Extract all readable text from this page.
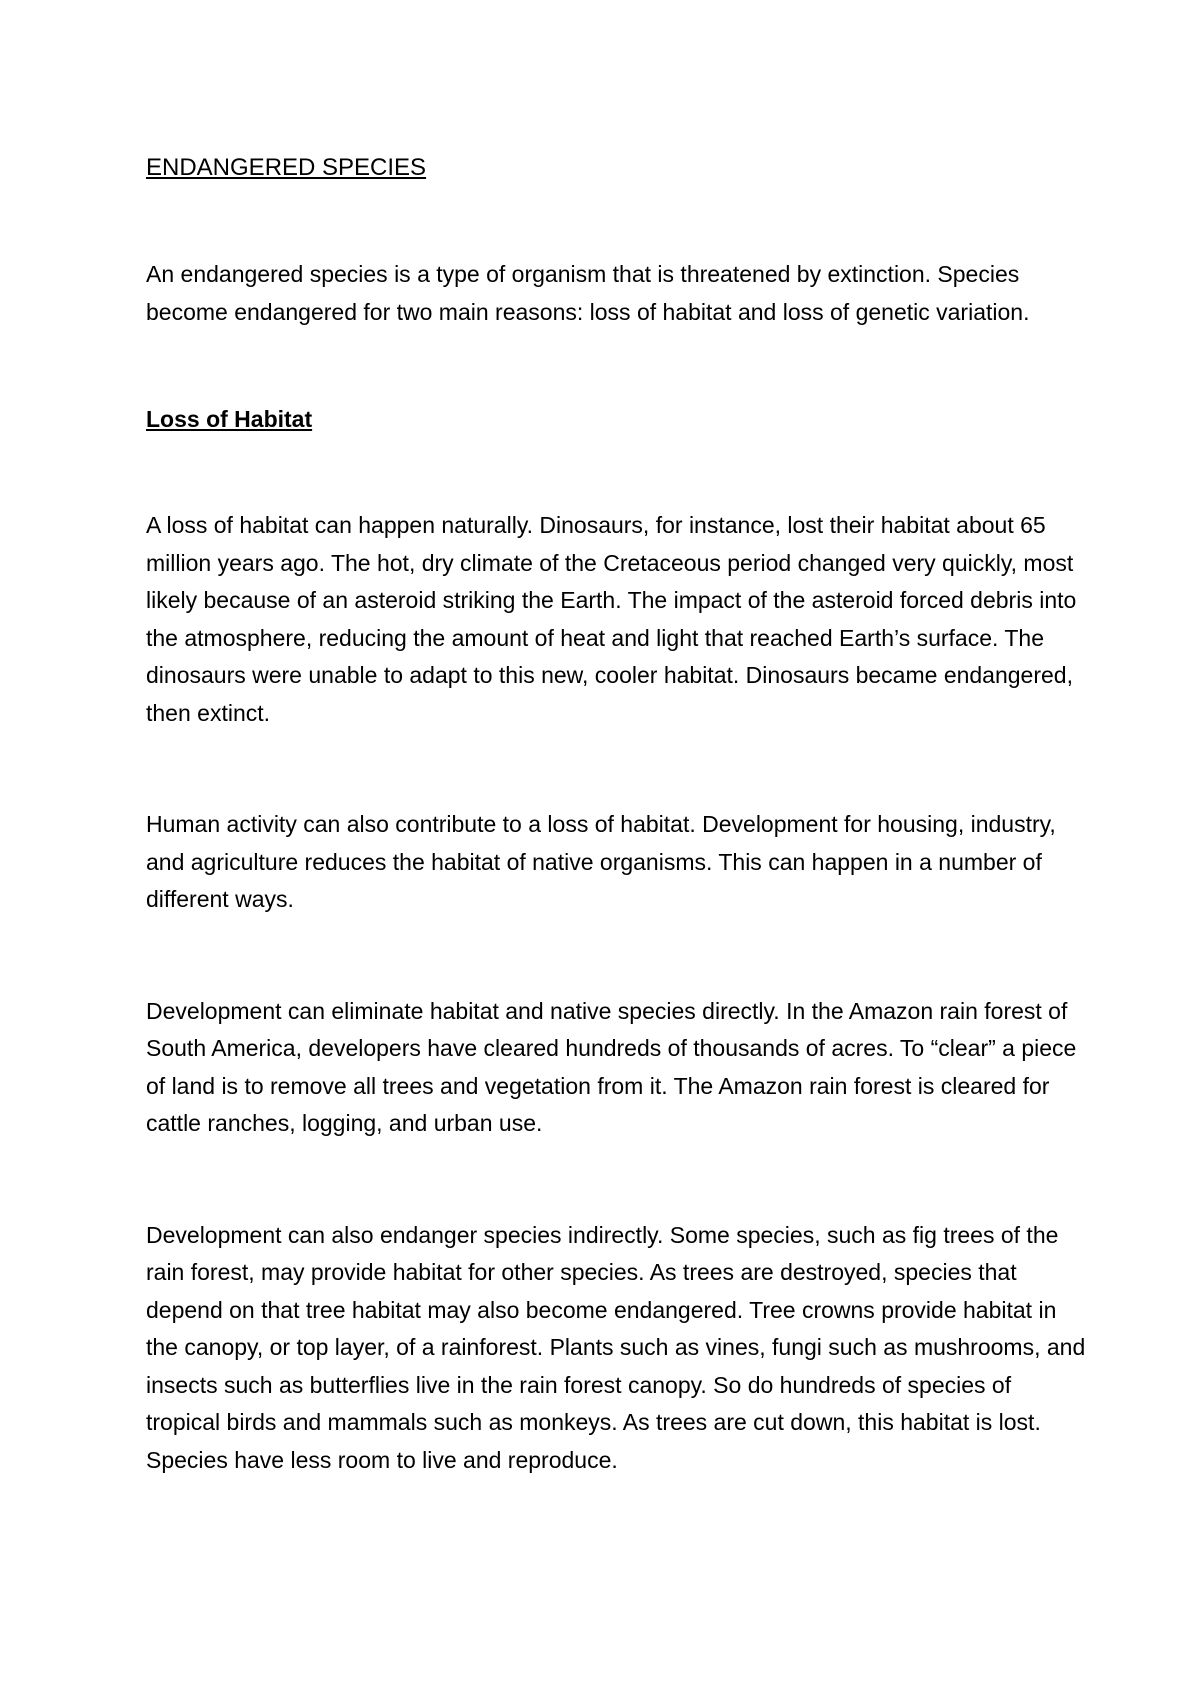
ENDANGERED SPECIES

An endangered species is a type of organism that is threatened by extinction. Species become endangered for two main reasons: loss of habitat and loss of genetic variation.

Loss of Habitat

A loss of habitat can happen naturally. Dinosaurs, for instance, lost their habitat about 65 million years ago. The hot, dry climate of the Cretaceous period changed very quickly, most likely because of an asteroid striking the Earth. The impact of the asteroid forced debris into the atmosphere, reducing the amount of heat and light that reached Earth’s surface. The dinosaurs were unable to adapt to this new, cooler habitat. Dinosaurs became endangered, then extinct.

Human activity can also contribute to a loss of habitat. Development for housing, industry, and agriculture reduces the habitat of native organisms. This can happen in a number of different ways.

Development can eliminate habitat and native species directly. In the Amazon rain forest of South America, developers have cleared hundreds of thousands of acres. To “clear” a piece of land is to remove all trees and vegetation from it. The Amazon rain forest is cleared for cattle ranches, logging, and urban use.

Development can also endanger species indirectly. Some species, such as fig trees of the rain forest, may provide habitat for other species. As trees are destroyed, species that depend on that tree habitat may also become endangered. Tree crowns provide habitat in the canopy, or top layer, of a rainforest. Plants such as vines, fungi such as mushrooms, and insects such as butterflies live in the rain forest canopy. So do hundreds of species of tropical birds and mammals such as monkeys. As trees are cut down, this habitat is lost. Species have less room to live and reproduce.
